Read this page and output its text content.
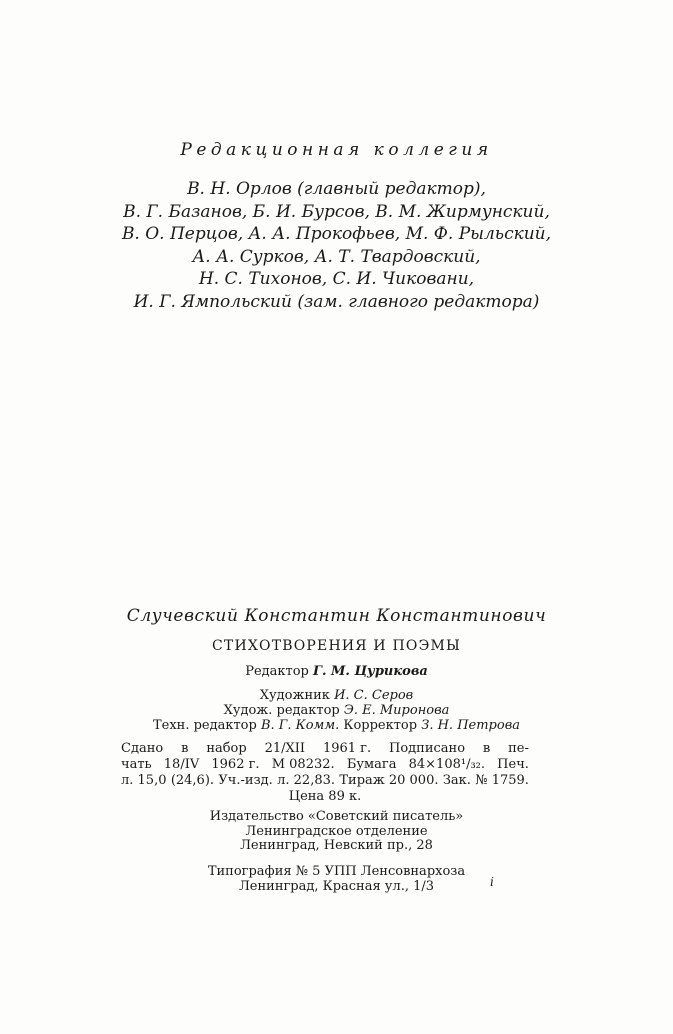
Редакционная коллегия
В. Н. Орлов (главный редактор),
В. Г. Базанов, Б. И. Бурсов, В. М. Жирмунский,
В. О. Перцов, А. А. Прокофьев, М. Ф. Рыльский,
А. А. Сурков, А. Т. Твардовский,
Н. С. Тихонов, С. И. Чиковани,
И. Г. Ямпольский (зам. главного редактора)
Случевский Константин Константинович
СТИХОТВОРЕНИЯ И ПОЭМЫ
Редактор Г. М. Цурикова
Художник И. С. Серов
Худож. редактор Э. Е. Миронова
Техн. редактор В. Г. Комм. Корректор З. Н. Петрова
Сдано в набор 21/XII 1961 г. Подписано в пе-
чать 18/IV 1962 г. М 08232. Бумага 84×108¹/₃₂. Печ.
л. 15,0 (24,6). Уч.-изд. л. 22,83. Тираж 20 000. Зак. № 1759.
Цена 89 к.
Издательство «Советский писатель»
Ленинградское отделение
Ленинград, Невский пр., 28
Типография № 5 УПП Ленсовнархоза
Ленинград, Красная ул., 1/3	i
